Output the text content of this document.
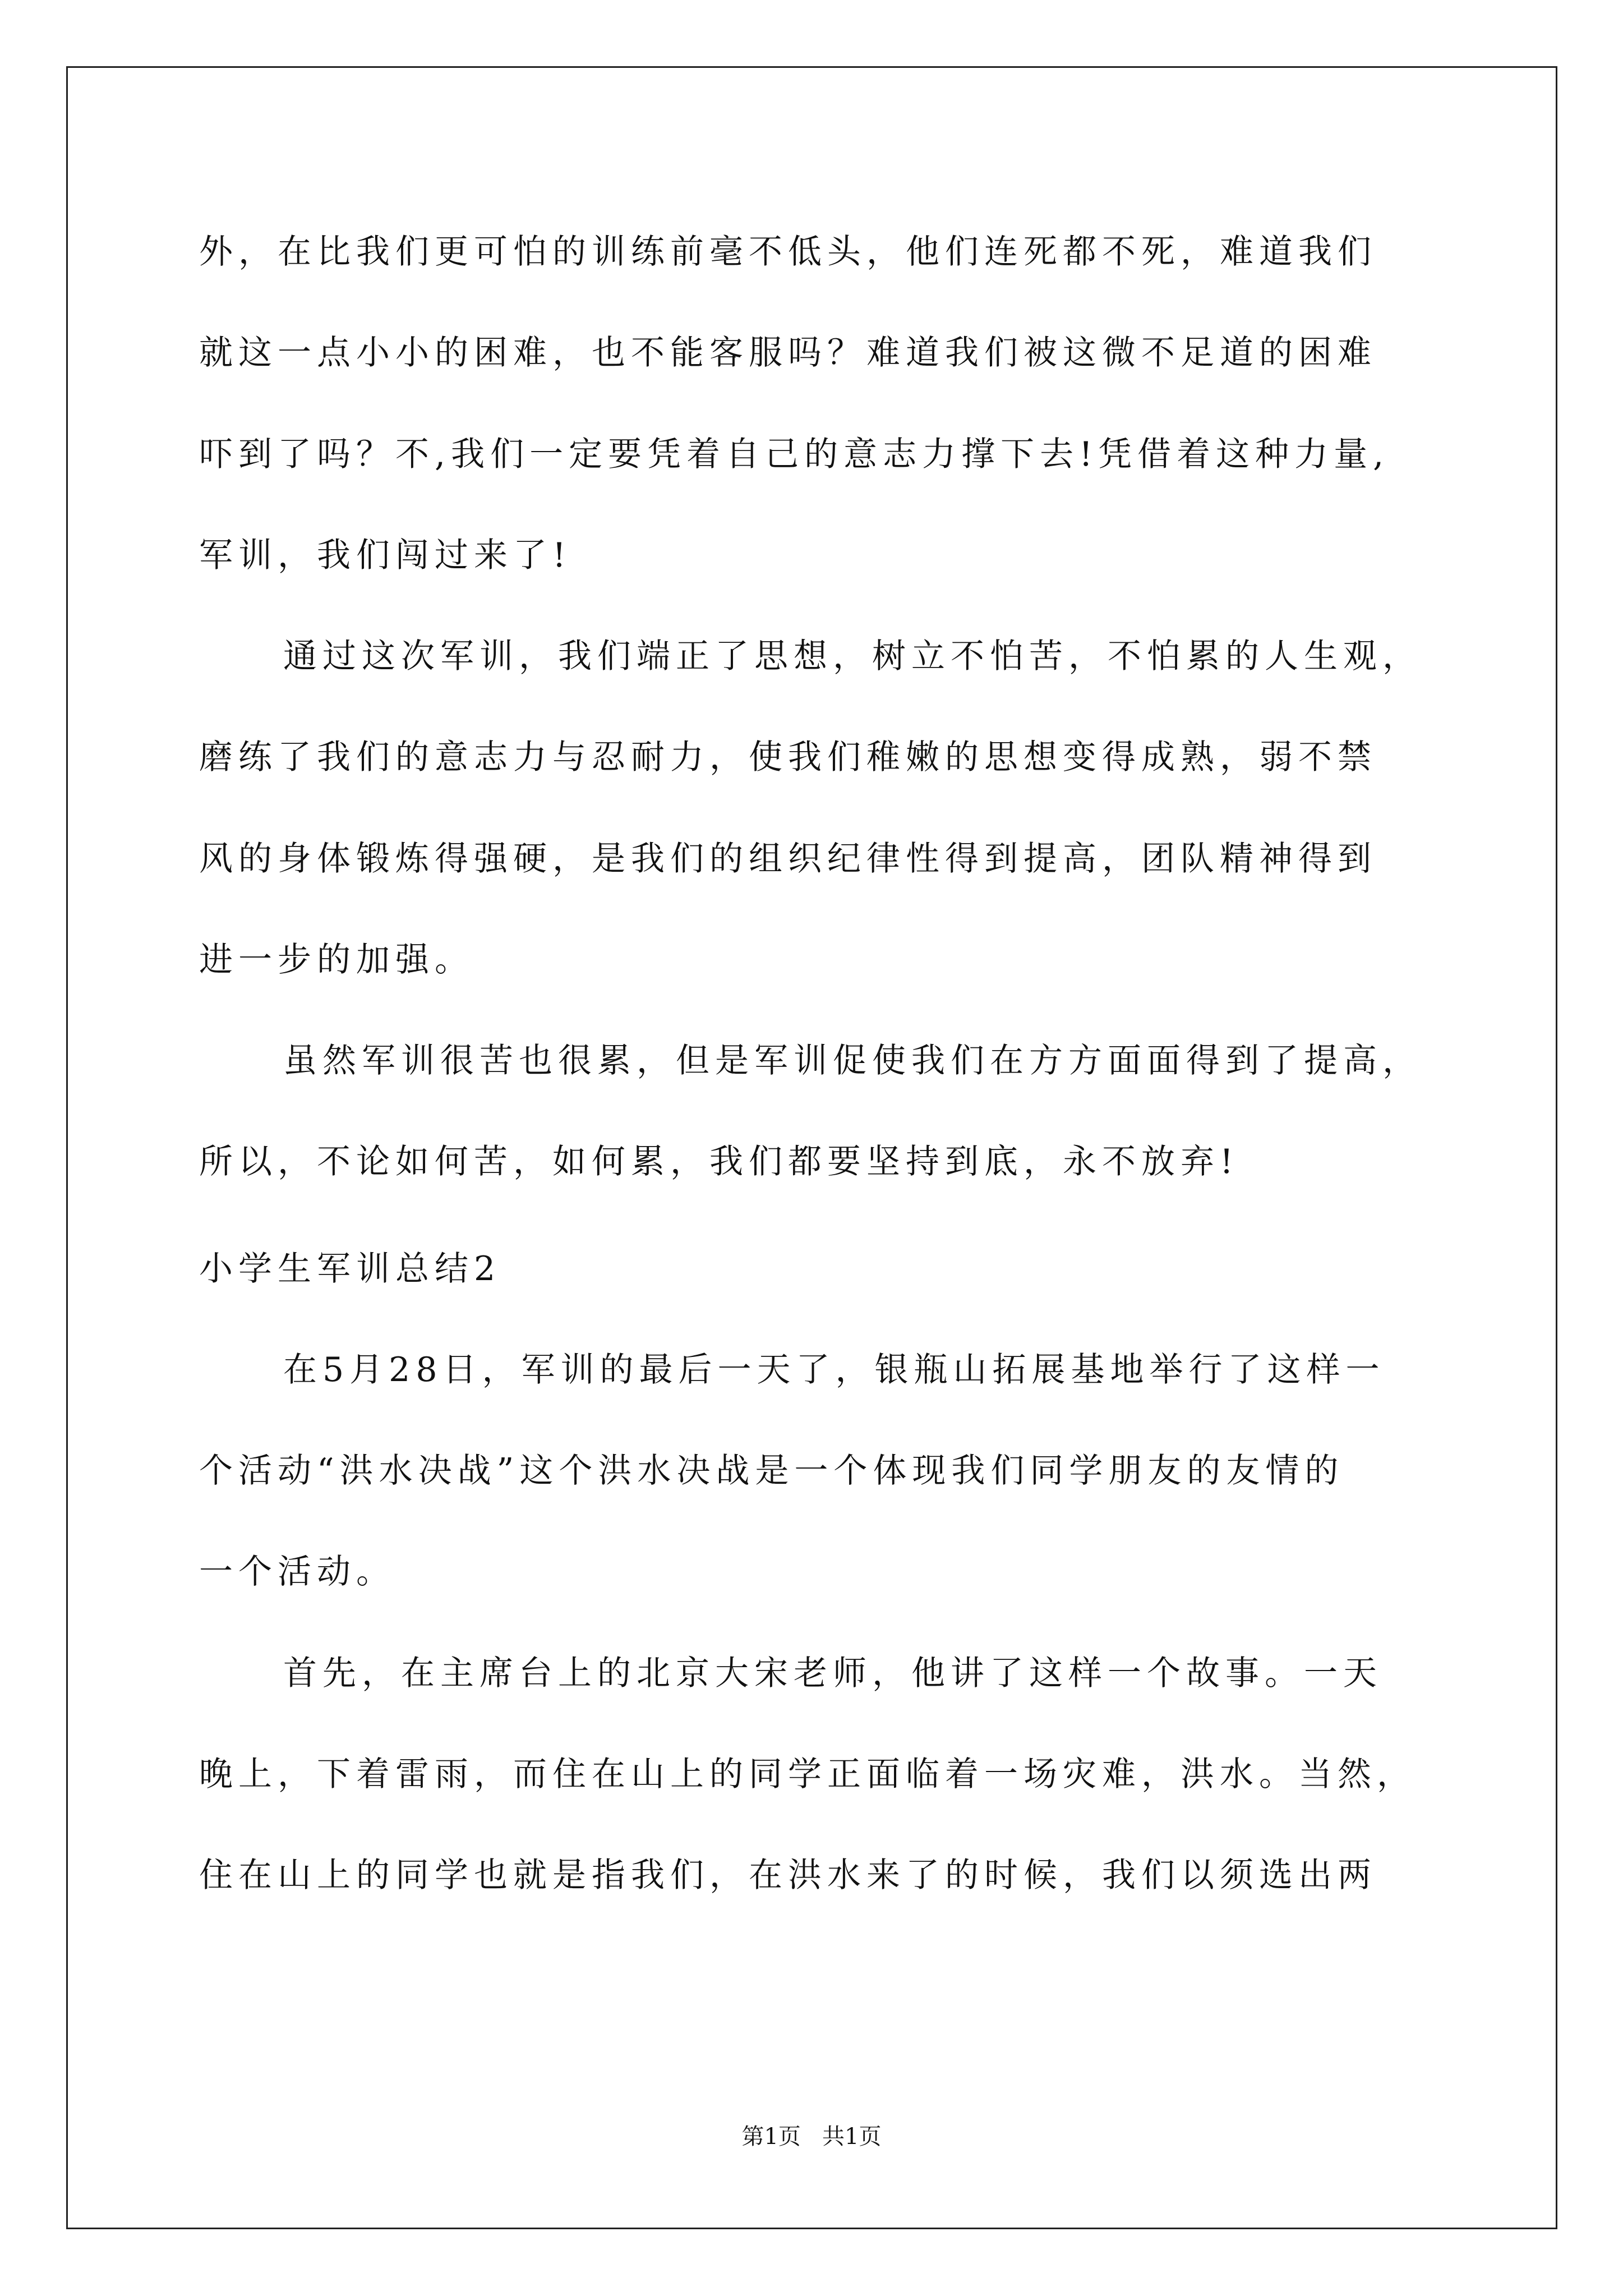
外，在比我们更可怕的训练前毫不低头，他们连死都不死，难道我们
就这一点小小的困难，也不能客服吗？难道我们被这微不足道的困难
吓到了吗？不,我们一定要凭着自己的意志力撑下去!凭借着这种力量,
军训，我们闯过来了!
通过这次军训，我们端正了思想，树立不怕苦，不怕累的人生观，
磨练了我们的意志力与忍耐力，使我们稚嫩的思想变得成熟，弱不禁
风的身体锻炼得强硬，是我们的组织纪律性得到提高，团队精神得到
进一步的加强。
虽然军训很苦也很累，但是军训促使我们在方方面面得到了提高，
所以，不论如何苦，如何累，我们都要坚持到底，永不放弃!
小学生军训总结2
在5月28日，军训的最后一天了，银瓶山拓展基地举行了这样一
个活动“洪水决战”这个洪水决战是一个体现我们同学朋友的友情的
一个活动。
首先，在主席台上的北京大宋老师，他讲了这样一个故事。一天
晚上，下着雷雨，而住在山上的同学正面临着一场灾难，洪水。当然，
住在山上的同学也就是指我们，在洪水来了的时候，我们以须选出两
第1页   共1页
